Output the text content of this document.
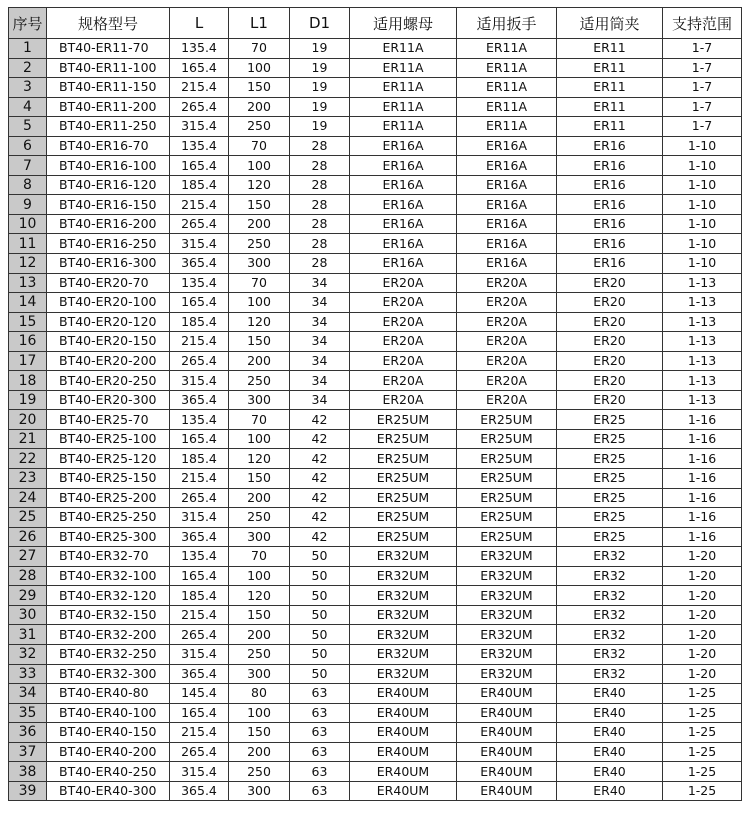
序号	规格型号	L	L1	D1	适用螺母	适用扳手	适用筒夹	支持范围
1	BT40-ER11-70	135.4	70	19	ER11A	ER11A	ER11	1-7
2	BT40-ER11-100	165.4	100	19	ER11A	ER11A	ER11	1-7
3	BT40-ER11-150	215.4	150	19	ER11A	ER11A	ER11	1-7
4	BT40-ER11-200	265.4	200	19	ER11A	ER11A	ER11	1-7
5	BT40-ER11-250	315.4	250	19	ER11A	ER11A	ER11	1-7
6	BT40-ER16-70	135.4	70	28	ER16A	ER16A	ER16	1-10
7	BT40-ER16-100	165.4	100	28	ER16A	ER16A	ER16	1-10
8	BT40-ER16-120	185.4	120	28	ER16A	ER16A	ER16	1-10
9	BT40-ER16-150	215.4	150	28	ER16A	ER16A	ER16	1-10
10	BT40-ER16-200	265.4	200	28	ER16A	ER16A	ER16	1-10
11	BT40-ER16-250	315.4	250	28	ER16A	ER16A	ER16	1-10
12	BT40-ER16-300	365.4	300	28	ER16A	ER16A	ER16	1-10
13	BT40-ER20-70	135.4	70	34	ER20A	ER20A	ER20	1-13
14	BT40-ER20-100	165.4	100	34	ER20A	ER20A	ER20	1-13
15	BT40-ER20-120	185.4	120	34	ER20A	ER20A	ER20	1-13
16	BT40-ER20-150	215.4	150	34	ER20A	ER20A	ER20	1-13
17	BT40-ER20-200	265.4	200	34	ER20A	ER20A	ER20	1-13
18	BT40-ER20-250	315.4	250	34	ER20A	ER20A	ER20	1-13
19	BT40-ER20-300	365.4	300	34	ER20A	ER20A	ER20	1-13
20	BT40-ER25-70	135.4	70	42	ER25UM	ER25UM	ER25	1-16
21	BT40-ER25-100	165.4	100	42	ER25UM	ER25UM	ER25	1-16
22	BT40-ER25-120	185.4	120	42	ER25UM	ER25UM	ER25	1-16
23	BT40-ER25-150	215.4	150	42	ER25UM	ER25UM	ER25	1-16
24	BT40-ER25-200	265.4	200	42	ER25UM	ER25UM	ER25	1-16
25	BT40-ER25-250	315.4	250	42	ER25UM	ER25UM	ER25	1-16
26	BT40-ER25-300	365.4	300	42	ER25UM	ER25UM	ER25	1-16
27	BT40-ER32-70	135.4	70	50	ER32UM	ER32UM	ER32	1-20
28	BT40-ER32-100	165.4	100	50	ER32UM	ER32UM	ER32	1-20
29	BT40-ER32-120	185.4	120	50	ER32UM	ER32UM	ER32	1-20
30	BT40-ER32-150	215.4	150	50	ER32UM	ER32UM	ER32	1-20
31	BT40-ER32-200	265.4	200	50	ER32UM	ER32UM	ER32	1-20
32	BT40-ER32-250	315.4	250	50	ER32UM	ER32UM	ER32	1-20
33	BT40-ER32-300	365.4	300	50	ER32UM	ER32UM	ER32	1-20
34	BT40-ER40-80	145.4	80	63	ER40UM	ER40UM	ER40	1-25
35	BT40-ER40-100	165.4	100	63	ER40UM	ER40UM	ER40	1-25
36	BT40-ER40-150	215.4	150	63	ER40UM	ER40UM	ER40	1-25
37	BT40-ER40-200	265.4	200	63	ER40UM	ER40UM	ER40	1-25
38	BT40-ER40-250	315.4	250	63	ER40UM	ER40UM	ER40	1-25
39	BT40-ER40-300	365.4	300	63	ER40UM	ER40UM	ER40	1-25
